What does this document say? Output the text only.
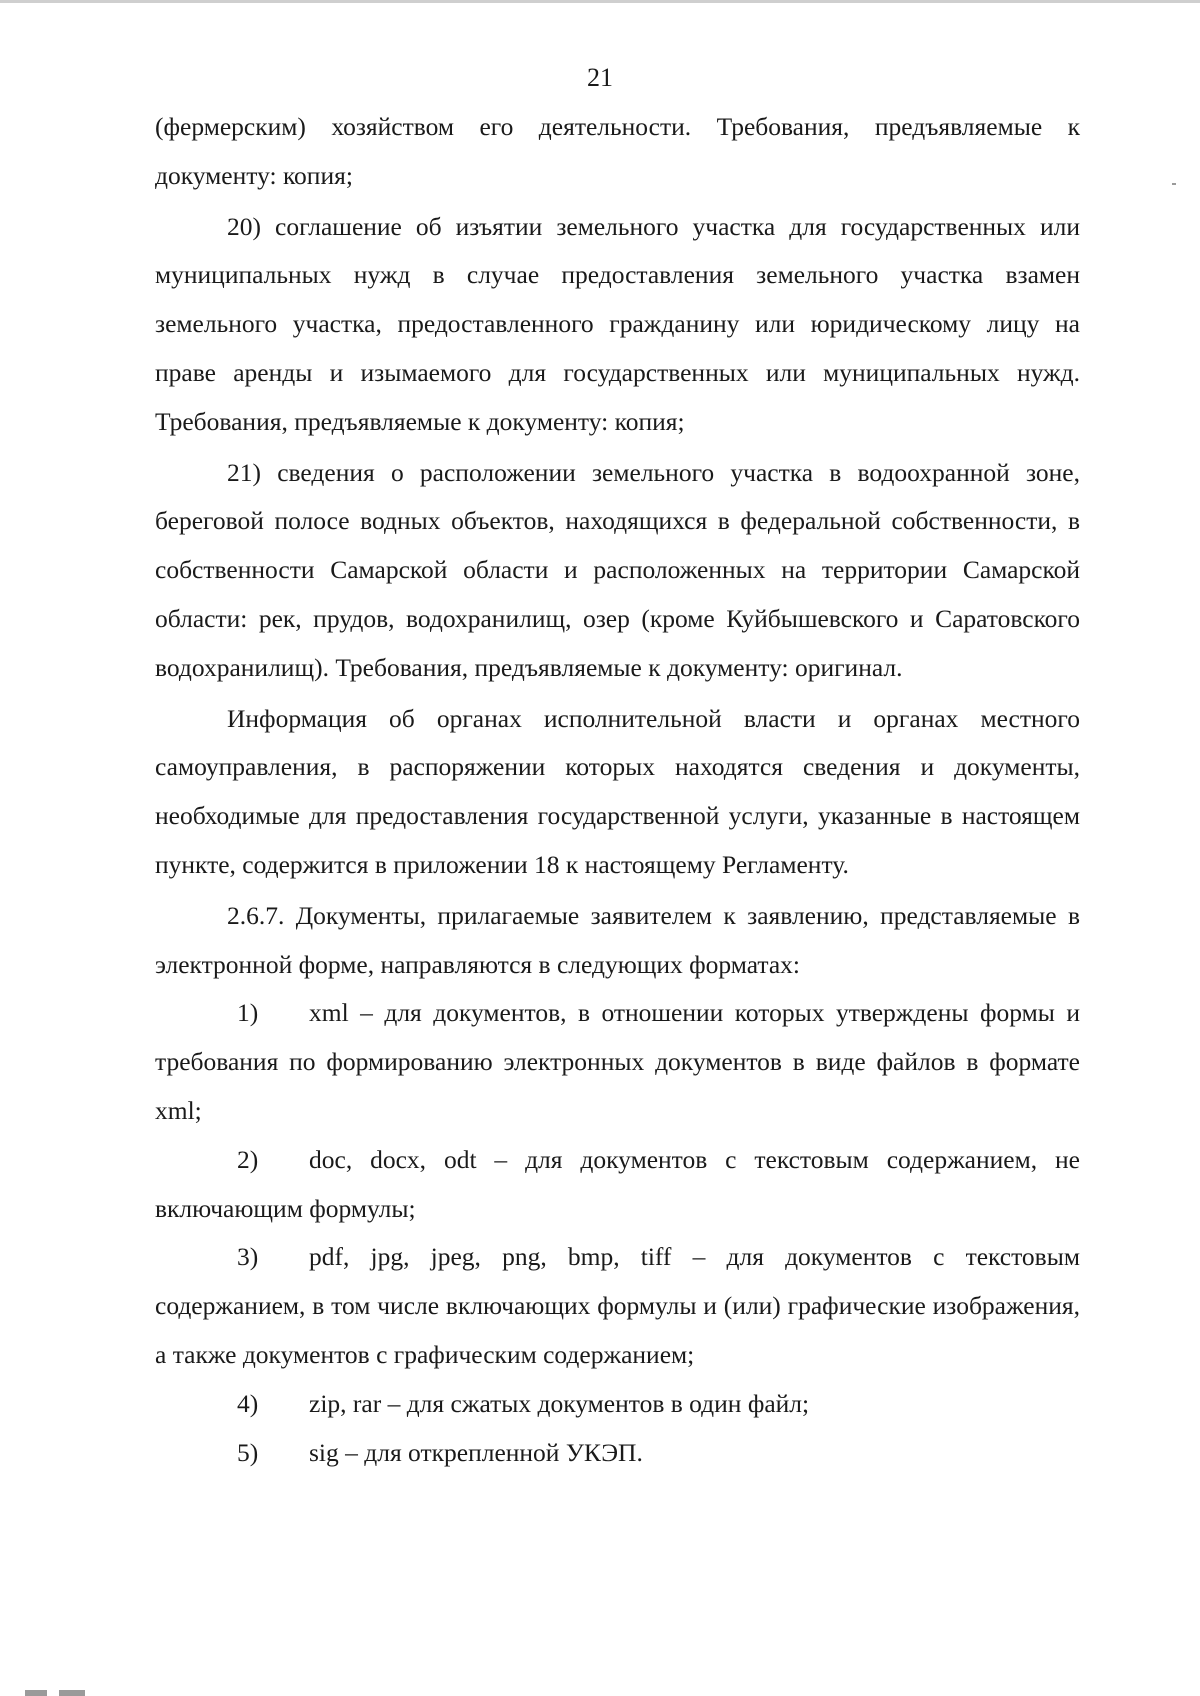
21

(фермерским) хозяйством его деятельности. Требования, предъявляемые к документу: копия;

20) соглашение об изъятии земельного участка для государственных или муниципальных нужд в случае предоставления земельного участка взамен земельного участка, предоставленного гражданину или юридическому лицу на праве аренды и изымаемого для государственных или муниципальных нужд. Требования, предъявляемые к документу: копия;

21) сведения о расположении земельного участка в водоохранной зоне, береговой полосе водных объектов, находящихся в федеральной собственности, в собственности Самарской области и расположенных на территории Самарской области: рек, прудов, водохранилищ, озер (кроме Куйбышевского и Саратовского водохранилищ). Требования, предъявляемые к документу: оригинал.

Информация об органах исполнительной власти и органах местного самоуправления, в распоряжении которых находятся сведения и документы, необходимые для предоставления государственной услуги, указанные в настоящем пункте, содержится в приложении 18 к настоящему Регламенту.

2.6.7. Документы, прилагаемые заявителем к заявлению, представляемые в электронной форме, направляются в следующих форматах:

1) xml – для документов, в отношении которых утверждены формы и требования по формированию электронных документов в виде файлов в формате xml;

2) doc, docx, odt – для документов с текстовым содержанием, не включающим формулы;

3) pdf, jpg, jpeg, png, bmp, tiff – для документов с текстовым содержанием, в том числе включающих формулы и (или) графические изображения, а также документов с графическим содержанием;

4) zip, rar – для сжатых документов в один файл;

5) sig – для открепленной УКЭП.
